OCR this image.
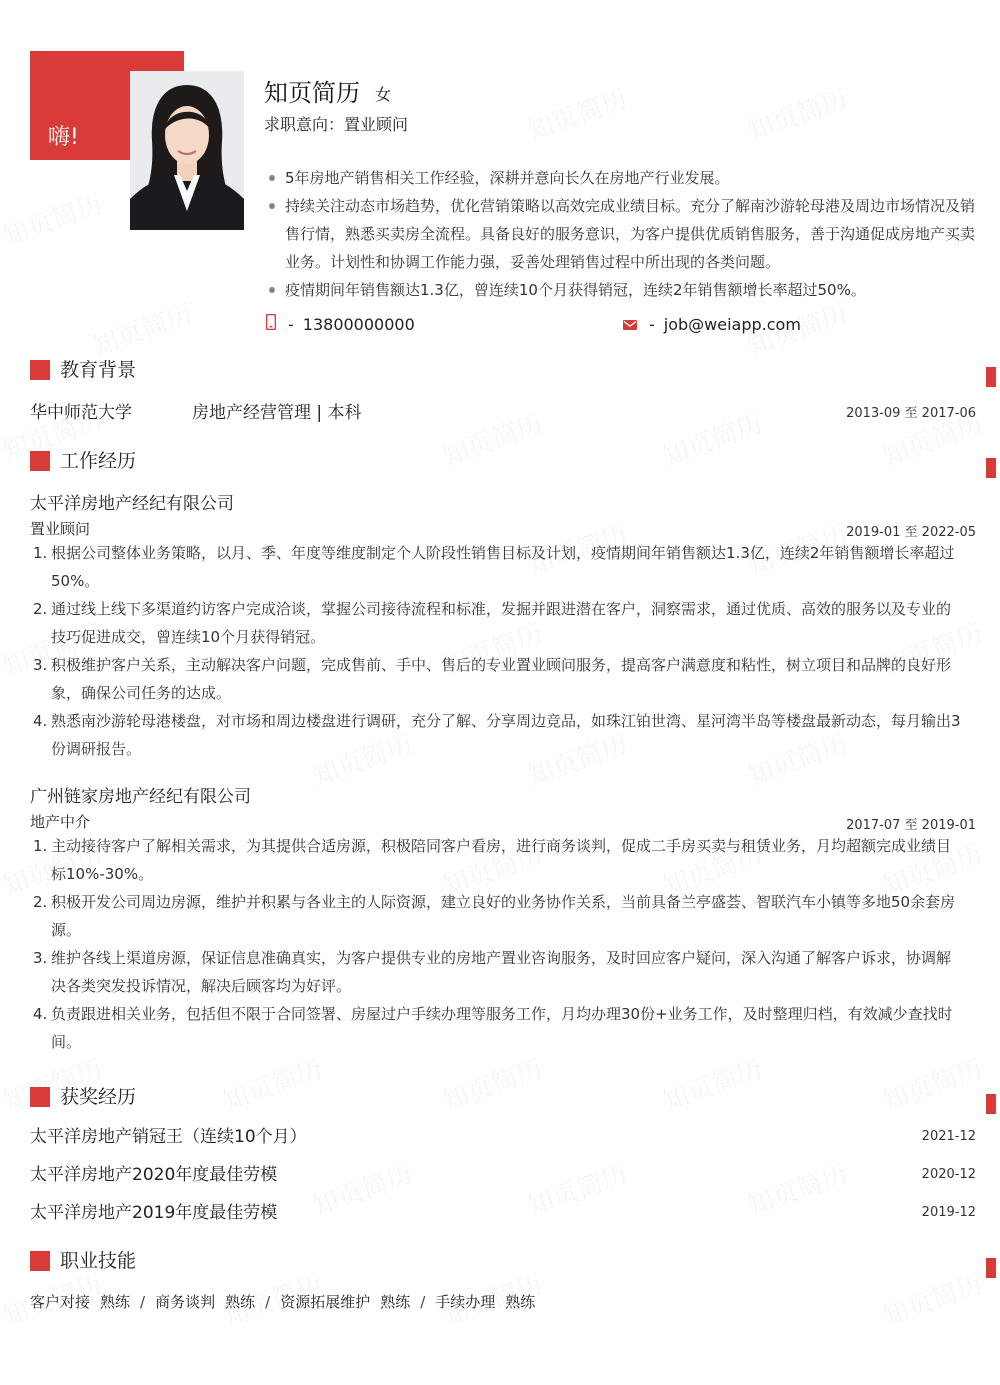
嗨!
知页简历 女
求职意向：置业顾问
5年房地产销售相关工作经验，深耕并意向长久在房地产行业发展。
持续关注动态市场趋势，优化营销策略以高效完成业绩目标。充分了解南沙游轮母港及周边市场情况及销售行情，熟悉买卖房全流程。具备良好的服务意识，为客户提供优质销售服务，善于沟通促成房地产买卖业务。计划性和协调工作能力强，妥善处理销售过程中所出现的各类问题。
疫情期间年销售额达1.3亿，曾连续10个月获得销冠，连续2年销售额增长率超过50%。
- 13800000000	- job@weiapp.com
教育背景
华中师范大学	房地产经营管理 | 本科	2013-09 至 2017-06
工作经历
太平洋房地产经纪有限公司
置业顾问	2019-01 至 2022-05
1. 根据公司整体业务策略，以月、季、年度等维度制定个人阶段性销售目标及计划，疫情期间年销售额达1.3亿，连续2年销售额增长率超过50%。
2. 通过线上线下多渠道约访客户完成洽谈，掌握公司接待流程和标准，发掘并跟进潜在客户，洞察需求，通过优质、高效的服务以及专业的技巧促进成交，曾连续10个月获得销冠。
3. 积极维护客户关系，主动解决客户问题，完成售前、手中、售后的专业置业顾问服务，提高客户满意度和粘性，树立项目和品牌的良好形象，确保公司任务的达成。
4. 熟悉南沙游轮母港楼盘，对市场和周边楼盘进行调研，充分了解、分享周边竞品，如珠江铂世湾、星河湾半岛等楼盘最新动态，每月输出3份调研报告。
广州链家房地产经纪有限公司
地产中介	2017-07 至 2019-01
1. 主动接待客户了解相关需求，为其提供合适房源，积极陪同客户看房，进行商务谈判，促成二手房买卖与租赁业务，月均超额完成业绩目标10%-30%。
2. 积极开发公司周边房源，维护并积累与各业主的人际资源，建立良好的业务协作关系，当前具备兰亭盛荟、智联汽车小镇等多地50余套房源。
3. 维护各线上渠道房源，保证信息准确真实，为客户提供专业的房地产置业咨询服务，及时回应客户疑问，深入沟通了解客户诉求，协调解决各类突发投诉情况，解决后顾客均为好评。
4. 负责跟进相关业务，包括但不限于合同签署、房屋过户手续办理等服务工作，月均办理30份+业务工作，及时整理归档，有效减少查找时间。
获奖经历
太平洋房地产销冠王（连续10个月）	2021-12
太平洋房地产2020年度最佳劳模	2020-12
太平洋房地产2019年度最佳劳模	2019-12
职业技能
客户对接 熟练 / 商务谈判 熟练 / 资源拓展维护 熟练 / 手续办理 熟练
